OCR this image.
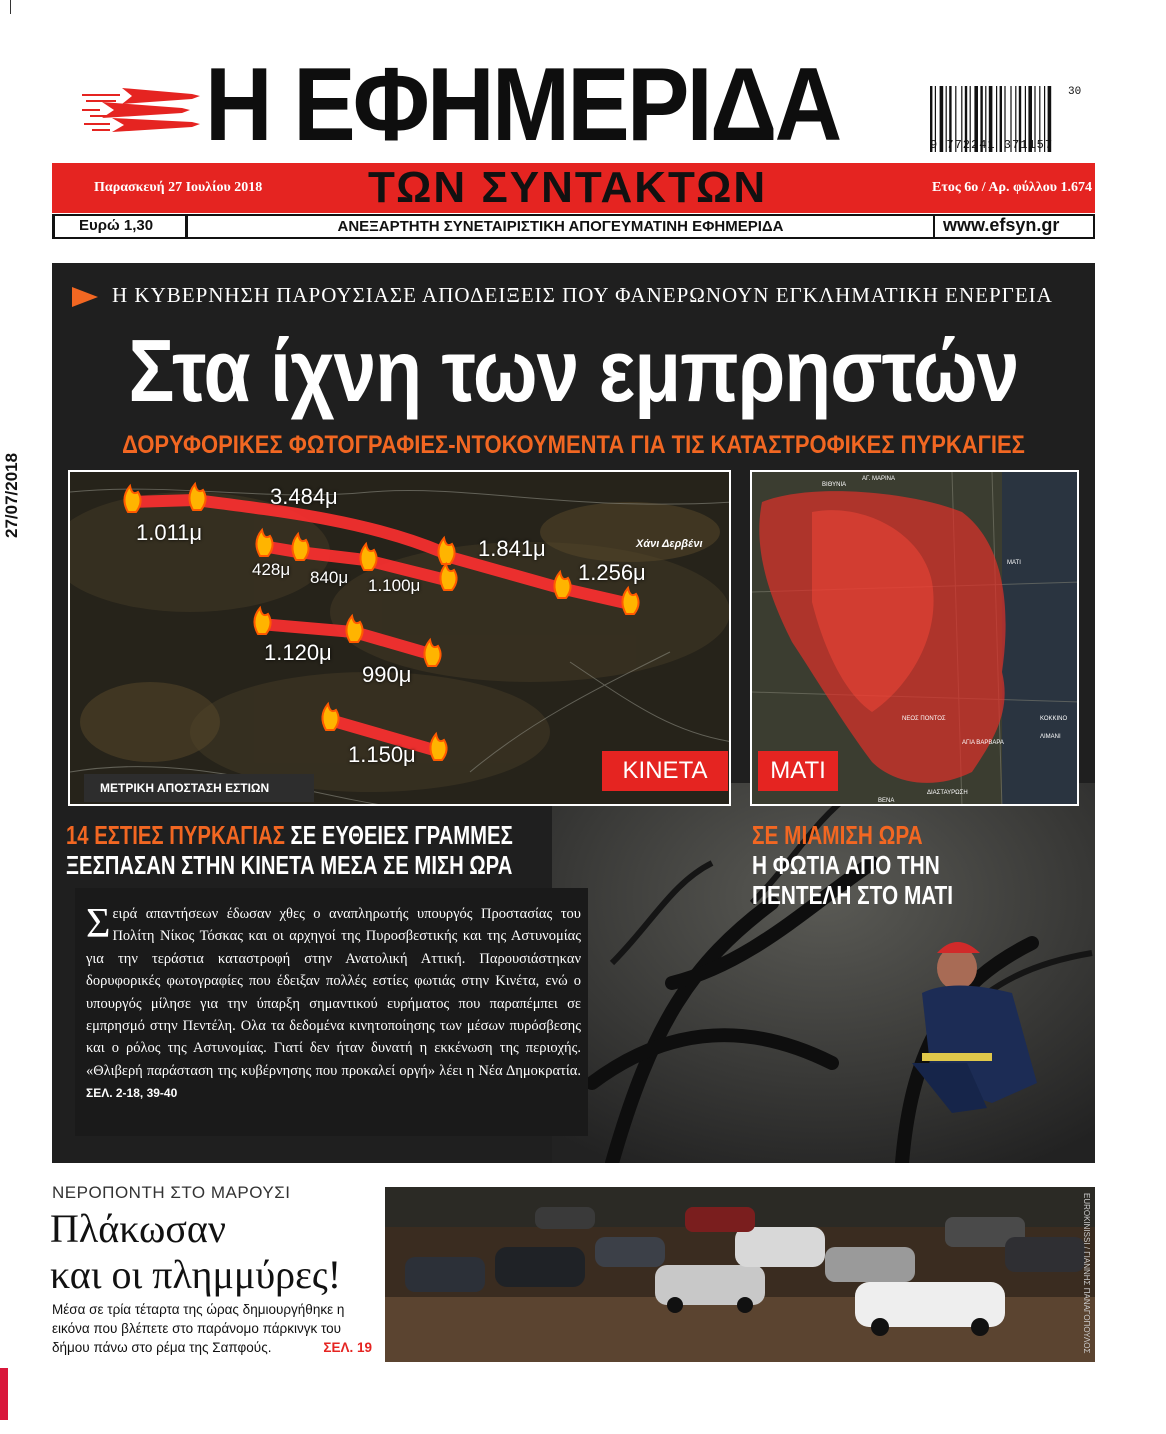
27/07/2018
Η ΕΦΗΜΕΡΙΔΑ	30
9 772241 371157
Παρασκευή 27 Ιουλίου 2018 ΤΩΝ ΣΥΝΤΑΚΤΩΝ	Ετος 6ο / Αρ. φύλλου 1.674
Ευρώ 1,30	ΑΝΕΞΑΡΤΗΤΗ ΣΥΝΕΤΑΙΡΙΣΤΙΚΗ ΑΠΟΓΕΥΜΑΤΙΝΗ ΕΦΗΜΕΡΙΔΑ	www.efsyn.gr
Η ΚΥΒΕΡΝΗΣΗ ΠΑΡΟΥΣΙΑΣΕ ΑΠΟΔΕΙΞΕΙΣ ΠΟΥ ΦΑΝΕΡΩΝΟΥΝ ΕΓΚΛΗΜΑΤΙΚΗ ΕΝΕΡΓΕΙΑ
Στα ίχνη των εμπρηστών
ΔΟΡΥΦΟΡΙΚΕΣ ΦΩΤΟΓΡΑΦΙΕΣ-ΝΤΟΚΟΥΜΕΝΤΑ ΓΙΑ ΤΙΣ ΚΑΤΑΣΤΡΟΦΙΚΕΣ ΠΥΡΚΑΓΙΕΣ
1.011μ
3.484μ
428μ 840μ 1.100μ
1.841μ
1.256μ
1.120μ
990μ
1.150μ
Χάνι Δερβένι
ΜΕΤΡΙΚΗ ΑΠΟΣΤΑΣΗ ΕΣΤΙΩΝ
ΚΙΝΕΤΑ
ΑΓ. ΜΑΡΙΝΑ
ΒΙΘΥΝΙΑ
ΜΑΤΙ
ΝΕΟΣ ΠΟΝΤΟΣ
ΑΓΙΑ ΒΑΡΒΑΡΑ
ΚΟΚΚΙΝΟ
ΛΙΜΑΝΙ
ΔΙΑΣΤΑΥΡΩΣΗ
ΒΕΝΑ
ΜΑΤΙ
14 ΕΣΤΙΕΣ ΠΥΡΚΑΓΙΑΣ ΣΕ ΕΥΘΕΙΕΣ ΓΡΑΜΜΕΣ
ΞΕΣΠΑΣΑΝ ΣΤΗΝ ΚΙΝΕΤΑ ΜΕΣΑ ΣΕ ΜΙΣΗ ΩΡΑ
ΣΕ ΜΙΑΜΙΣΗ ΩΡΑ
Η ΦΩΤΙΑ ΑΠΟ ΤΗΝ
ΠΕΝΤΕΛΗ ΣΤΟ ΜΑΤΙ
Σειρά απαντήσεων έδωσαν χθες ο αναπληρωτής υπουργός Προστασίας του Πολίτη Νίκος Τόσκας και οι αρχηγοί της Πυροσβεστικής και της Αστυνομίας για την τεράστια καταστροφή στην Ανατολική Αττική. Παρουσιάστηκαν δορυφορικές φωτογραφίες που έδειξαν πολλές εστίες φωτιάς στην Κινέτα, ενώ ο υπουργός μίλησε για την ύπαρξη σημαντικού ευρήματος που παραπέμπει σε εμπρησμό στην Πεντέλη. Ολα τα δεδομένα κινητοποίησης των μέσων πυρόσβεσης και ο ρόλος της Αστυνομίας. Γιατί δεν ήταν δυνατή η εκκένωση της περιοχής. «Θλιβερή παράσταση της κυβέρνησης που προκαλεί οργή» λέει η Νέα Δημοκρατία. ΣΕΛ. 2-18, 39-40
ΝΕΡΟΠΟΝΤΗ ΣΤΟ ΜΑΡΟΥΣΙ
Πλάκωσαν
και οι πλημμύρες!
Μέσα σε τρία τέταρτα της ώρας δημιουργήθηκε η εικόνα που βλέπετε στο παράνομο πάρκινγκ του δήμου πάνω στο ρέμα της Σαπφούς.	ΣΕΛ. 19	EUROKINISSI / ΓΙΑΝΝΗΣ ΠΑΝΑΓΟΠΟΥΛΟΣ
